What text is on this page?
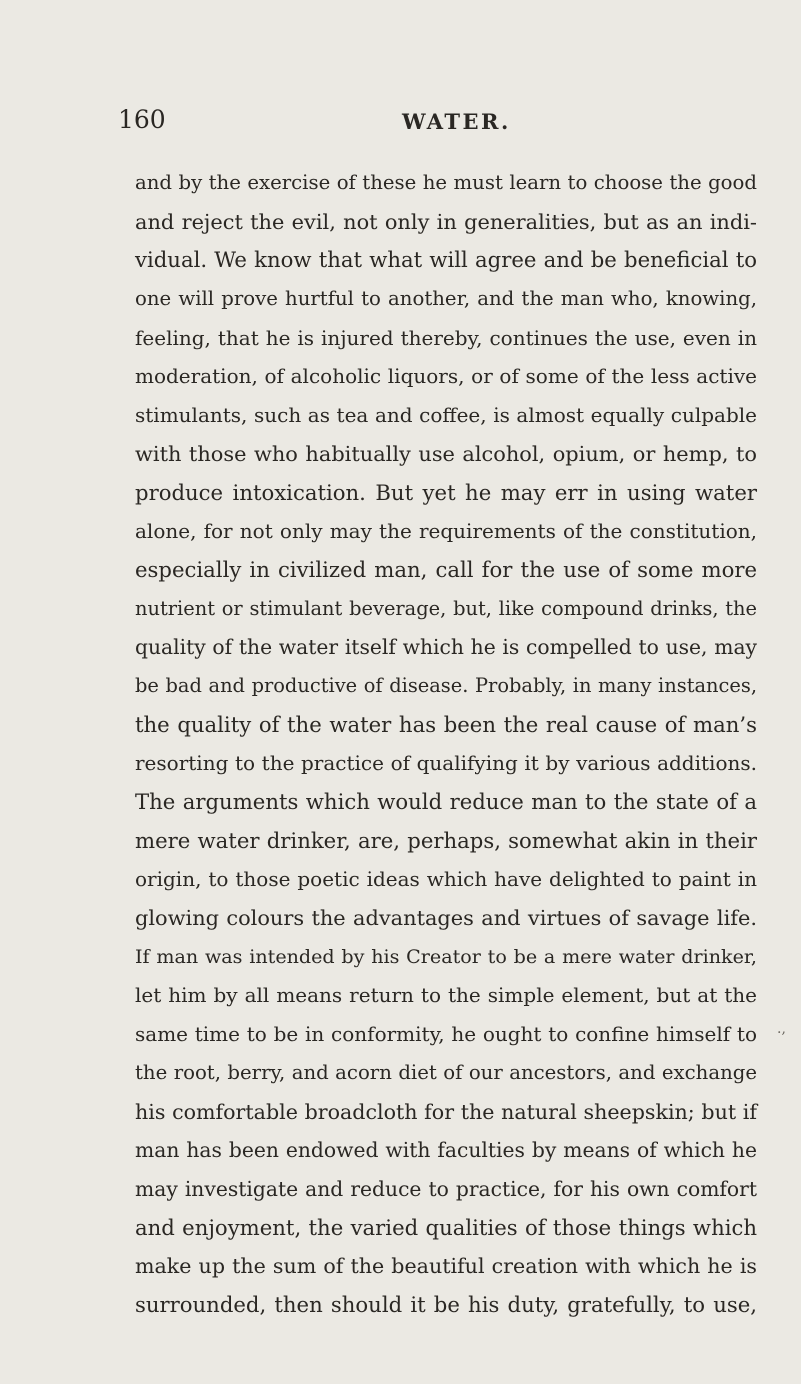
160	WATER.
and by the exercise of these he must learn to choose the good
and reject the evil, not only in generalities, but as an indi-
vidual. We know that what will agree and be beneficial to
one will prove hurtful to another, and the man who, knowing,
feeling, that he is injured thereby, continues the use, even in
moderation, of alcoholic liquors, or of some of the less active
stimulants, such as tea and coffee, is almost equally culpable
with those who habitually use alcohol, opium, or hemp, to
produce intoxication. But yet he may err in using water
alone, for not only may the requirements of the constitution,
especially in civilized man, call for the use of some more
nutrient or stimulant beverage, but, like compound drinks, the
quality of the water itself which he is compelled to use, may
be bad and productive of disease. Probably, in many instances,
the quality of the water has been the real cause of man’s
resorting to the practice of qualifying it by various additions.
The arguments which would reduce man to the state of a
mere water drinker, are, perhaps, somewhat akin in their
origin, to those poetic ideas which have delighted to paint in
glowing colours the advantages and virtues of savage life.
If man was intended by his Creator to be a mere water drinker,
let him by all means return to the simple element, but at the
same time to be in conformity, he ought to confine himself to
the root, berry, and acorn diet of our ancestors, and exchange
his comfortable broadcloth for the natural sheepskin; but if
man has been endowed with faculties by means of which he
may investigate and reduce to practice, for his own comfort
and enjoyment, the varied qualities of those things which
make up the sum of the beautiful creation with which he is
surrounded, then should it be his duty, gratefully, to use,
.,
